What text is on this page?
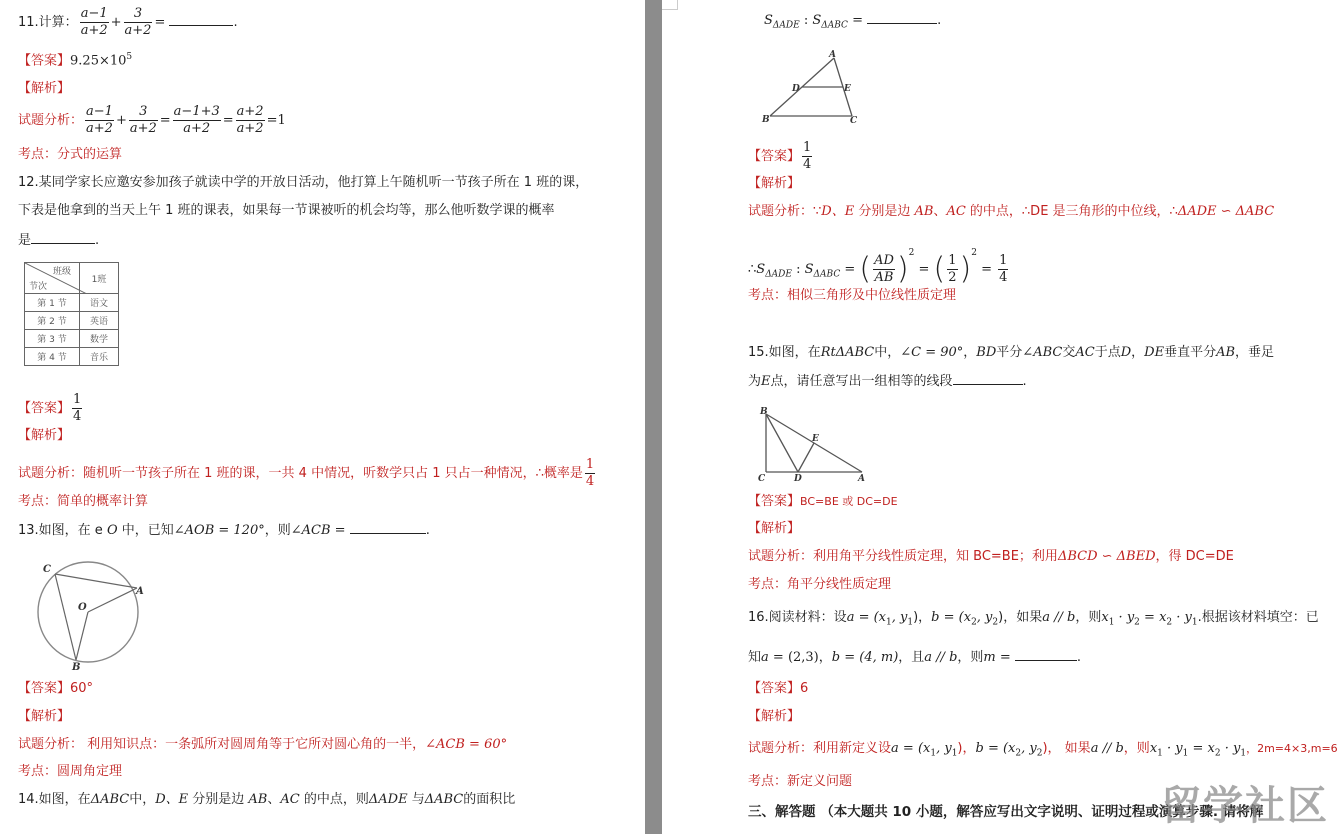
11.计算： $\frac{a-1}{a+2} + \frac{3}{a+2}$ =	.
【答案】$9.25\times 10^5$
【解析】
试题分析： $\frac{a-1}{a+2} + \frac{3}{a+2} = \frac{a-1+3}{a+2} = \frac{a+2}{a+2} =1$
考点：分式的运算
12.某同学家长应邀安参加孩子就读中学的开放日活动，他打算上午随机听一节孩子所在 1 班的课，
下表是他拿到的当天上午 1 班的课表，如果每一节课被听的机会均等，那么他听数学课的概率
是	.
班级
节次	1班
第 1 节	语文
第 2 节	英语
第 3 节	数学
第 4 节	音乐
【答案】 $\frac{1}{4}$
【解析】
试题分析：随机听一节孩子所在 1 班的课，一共 4 中情况，听数学只占 1 只占一种情况，∴概率是 $\frac{1}{4}$
考点：简单的概率计算
13.如图，在 e O 中，已知∠AOB = 120°，则∠ACB =	.
C
O
A
B
【答案】60°
【解析】
试题分析： 利用知识点：一条弧所对圆周角等于它所对圆心角的一半，∠ACB = 60°
考点：圆周角定理
14.如图，在ΔABC中，D、E 分别是边 AB、AC 的中点，则ΔADE 与ΔABC的面积比
$S_{\Delta ADE}$ : $S_{\Delta ABC}$ =	.
A
D	E
B	C
【答案】 $\frac{1}{4}$
【解析】
试题分析：∵D、E 分别是边 AB、AC 的中点，∴DE 是三角形的中位线，∴ΔADE ∽ ΔABC
$\therefore S_{\Delta ADE}$ : $S_{\Delta ABC}$ = ( $\frac{AD}{AB} )^2$ = ( $\frac{1}{2} )^2 = \frac{1}{4}$
考点：相似三角形及中位线性质定理
15.如图，在RtΔABC中，∠C = 90°，BD平分∠ABC交AC于点D，DE垂直平分AB，垂足
为E点，请任意写出一组相等的线段	.
B
E
C	D	A
【答案】BC=BE 或 DC=DE
【解析】
试题分析：利用角平分线性质定理，知 BC=BE；利用ΔBCD ∽ ΔBED，得 DC=DE
考点：角平分线性质定理
16.阅读材料：设$a = (x_1$, $y_1$)，$b = (x_2$, $y_2$)，如果a // b，则$x_1 \cdot y_2 = x_2 \cdot y_1$.根据该材料填空：已
知a = (2,3)，b = (4, m)，且a // b，则m =	.
【答案】6
【解析】
试题分析：利用新定义设$a = (x_1$, $y_1$)，$b = (x_2$, $y_2$)， 如果a // b，则$x_1 \cdot y_1 = x_2 \cdot y_1$，2m=4×3,m=6
考点：新定义问题
三、解答题 （本大题共 10 小题，解答应写出文字说明、证明过程或演算步骤. 请将解
留学社区
